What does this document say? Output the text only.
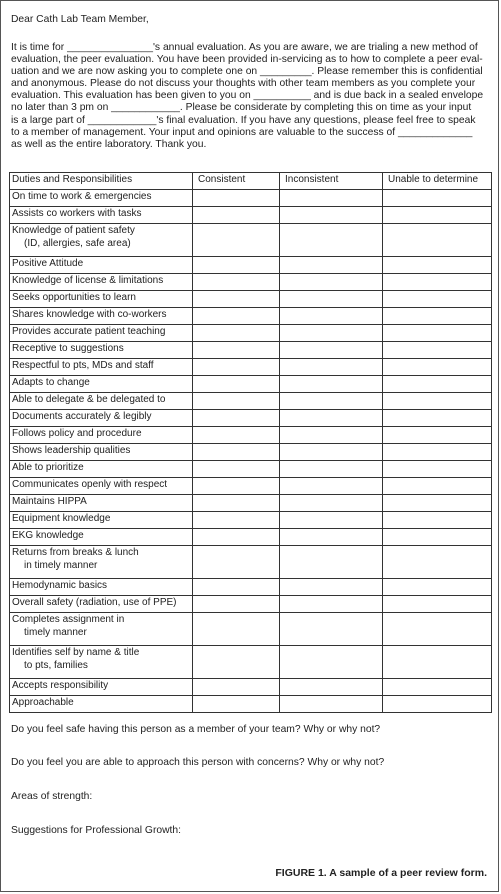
Dear Cath Lab Team Member,
It is time for _______________'s annual evaluation. As you are aware, we are trialing a new method of
evaluation, the peer evaluation. You have been provided in-servicing as to how to complete a peer eval-
uation and we are now asking you to complete one on _________. Please remember this is confidential
and anonymous. Please do not discuss your thoughts with other team members as you complete your
evaluation. This evaluation has been given to you on __________ and is due back in a sealed envelope
no later than 3 pm on ____________. Please be considerate by completing this on time as your input
is a large part of ____________'s final evaluation. If you have any questions, please feel free to speak
to a member of management. Your input and opinions are valuable to the success of _____________
as well as the entire laboratory. Thank you.
Duties and Responsibilities	Consistent	Inconsistent	Unable to determine
On time to work & emergencies			
Assists co workers with tasks			
Knowledge of patient safety
(ID, allergies, safe area)			

Positive Attitude			
Knowledge of license & limitations			
Seeks opportunities to learn			
Shares knowledge with co-workers			
Provides accurate patient teaching			
Receptive to suggestions			
Respectful to pts, MDs and staff			
Adapts to change			
Able to delegate & be delegated to			
Documents accurately & legibly			
Follows policy and procedure			
Shows leadership qualities			
Able to prioritize			
Communicates openly with respect			
Maintains HIPPA			
Equipment knowledge			
EKG knowledge			
Returns from breaks & lunch
in timely manner			

Hemodynamic basics			
Overall safety (radiation, use of PPE)			
Completes assignment in
timely manner			

Identifies self by name & title
to pts, families			

Accepts responsibility			
Approachable			
Do you feel safe having this person as a member of your team? Why or why not?
Do you feel you are able to approach this person with concerns? Why or why not?
Areas of strength:
Suggestions for Professional Growth:
FIGURE 1. A sample of a peer review form.
